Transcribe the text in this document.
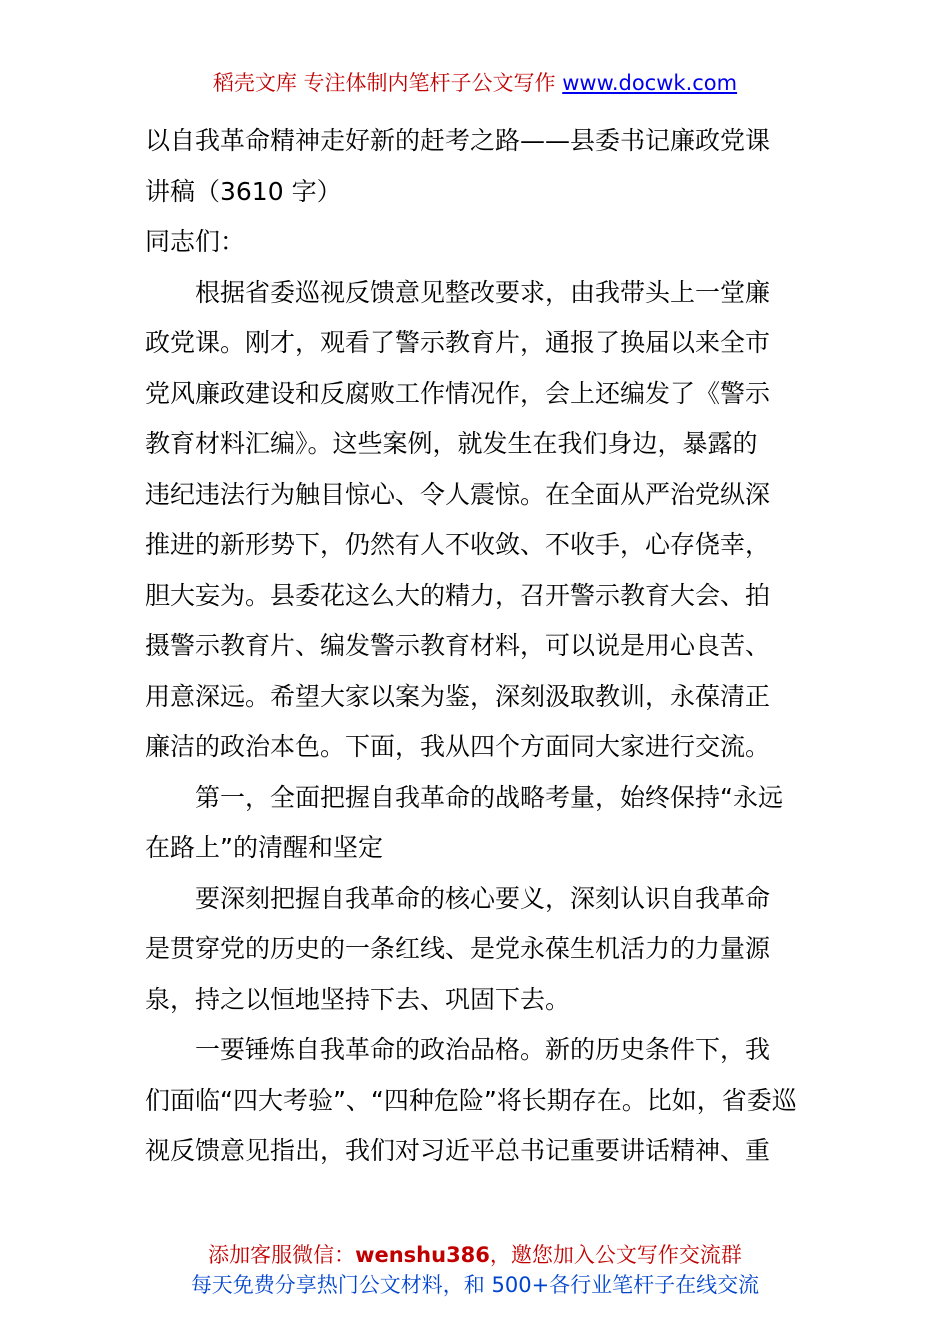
稻壳文库 专注体制内笔杆子公文写作 www.docwk.com
以自我革命精神走好新的赶考之路——县委书记廉政党课
讲稿（3610 字）
同志们：
根据省委巡视反馈意见整改要求，由我带头上一堂廉
政党课。刚才，观看了警示教育片，通报了换届以来全市
党风廉政建设和反腐败工作情况作，会上还编发了《警示
教育材料汇编》。这些案例，就发生在我们身边，暴露的
违纪违法行为触目惊心、令人震惊。在全面从严治党纵深
推进的新形势下，仍然有人不收敛、不收手，心存侥幸，
胆大妄为。县委花这么大的精力，召开警示教育大会、拍
摄警示教育片、编发警示教育材料，可以说是用心良苦、
用意深远。希望大家以案为鉴，深刻汲取教训，永葆清正
廉洁的政治本色。下面，我从四个方面同大家进行交流。
第一，全面把握自我革命的战略考量，始终保持“永远
在路上”的清醒和坚定
要深刻把握自我革命的核心要义，深刻认识自我革命
是贯穿党的历史的一条红线、是党永葆生机活力的力量源
泉，持之以恒地坚持下去、巩固下去。
一要锤炼自我革命的政治品格。新的历史条件下，我
们面临“四大考验”、“四种危险”将长期存在。比如，省委巡
视反馈意见指出，我们对习近平总书记重要讲话精神、重
添加客服微信：wenshu386，邀您加入公文写作交流群
每天免费分享热门公文材料，和 500+各行业笔杆子在线交流
